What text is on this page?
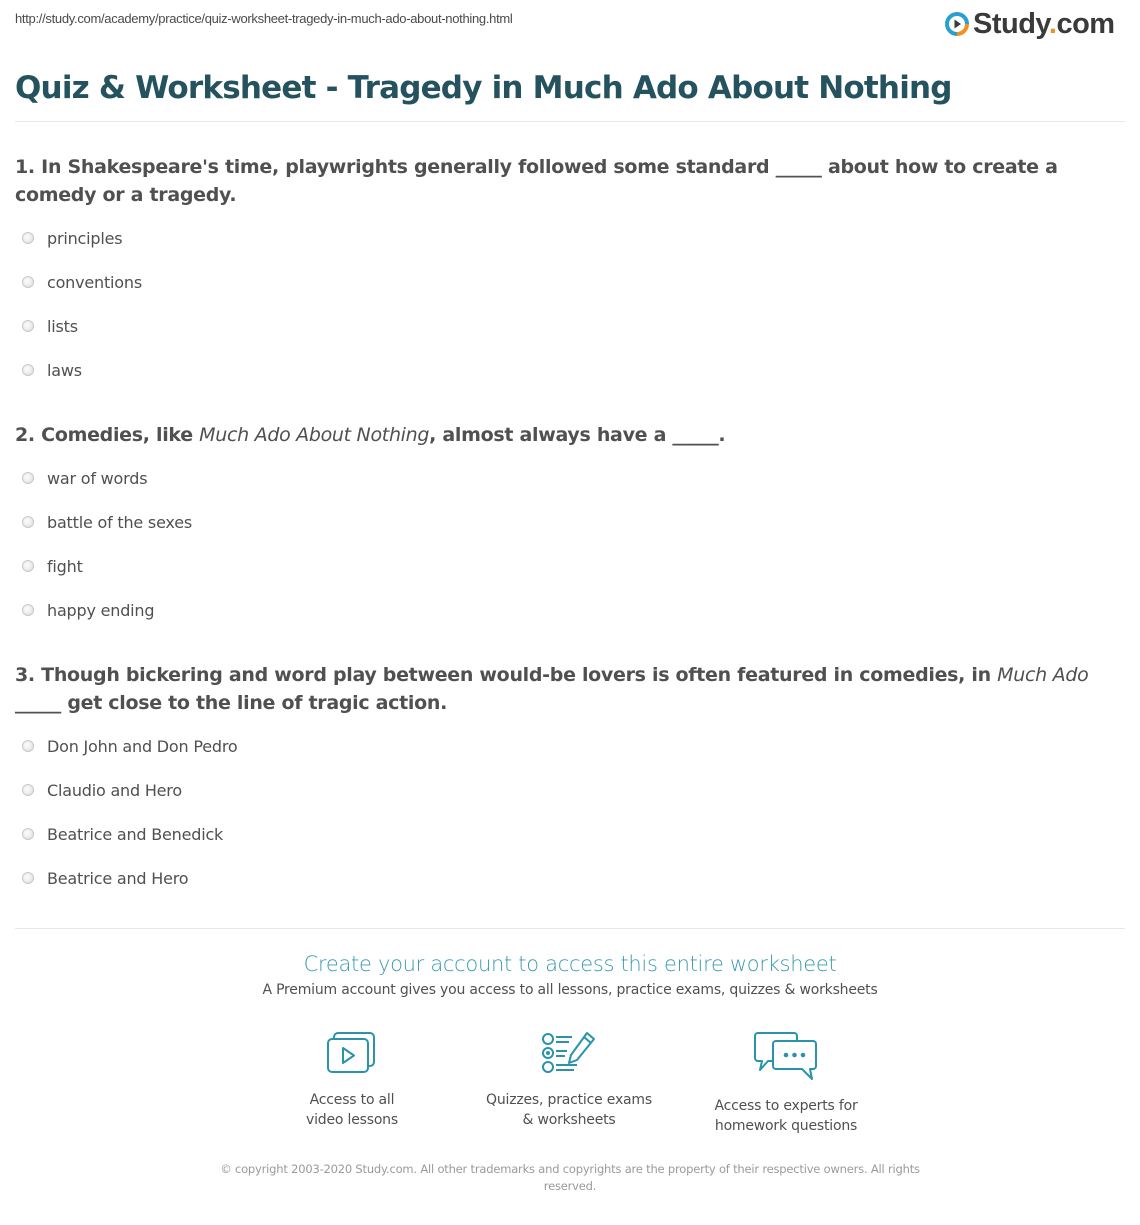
http://study.com/academy/practice/quiz-worksheet-tragedy-in-much-ado-about-nothing.html	Study.com
Quiz & Worksheet - Tragedy in Much Ado About Nothing
1. In Shakespeare's time, playwrights generally followed some standard _____ about how to create a comedy or a tragedy.
principles
conventions
lists
laws
2. Comedies, like Much Ado About Nothing, almost always have a _____.
war of words
battle of the sexes
fight
happy ending
3. Though bickering and word play between would-be lovers is often featured in comedies, in Much Ado _____ get close to the line of tragic action.
Don John and Don Pedro
Claudio and Hero
Beatrice and Benedick
Beatrice and Hero
Create your account to access this entire worksheet
A Premium account gives you access to all lessons, practice exams, quizzes & worksheets
Access to all
video lessons
Quizzes, practice exams
& worksheets
Access to experts for
homework questions
© copyright 2003-2020 Study.com. All other trademarks and copyrights are the property of their respective owners. All rights reserved.
